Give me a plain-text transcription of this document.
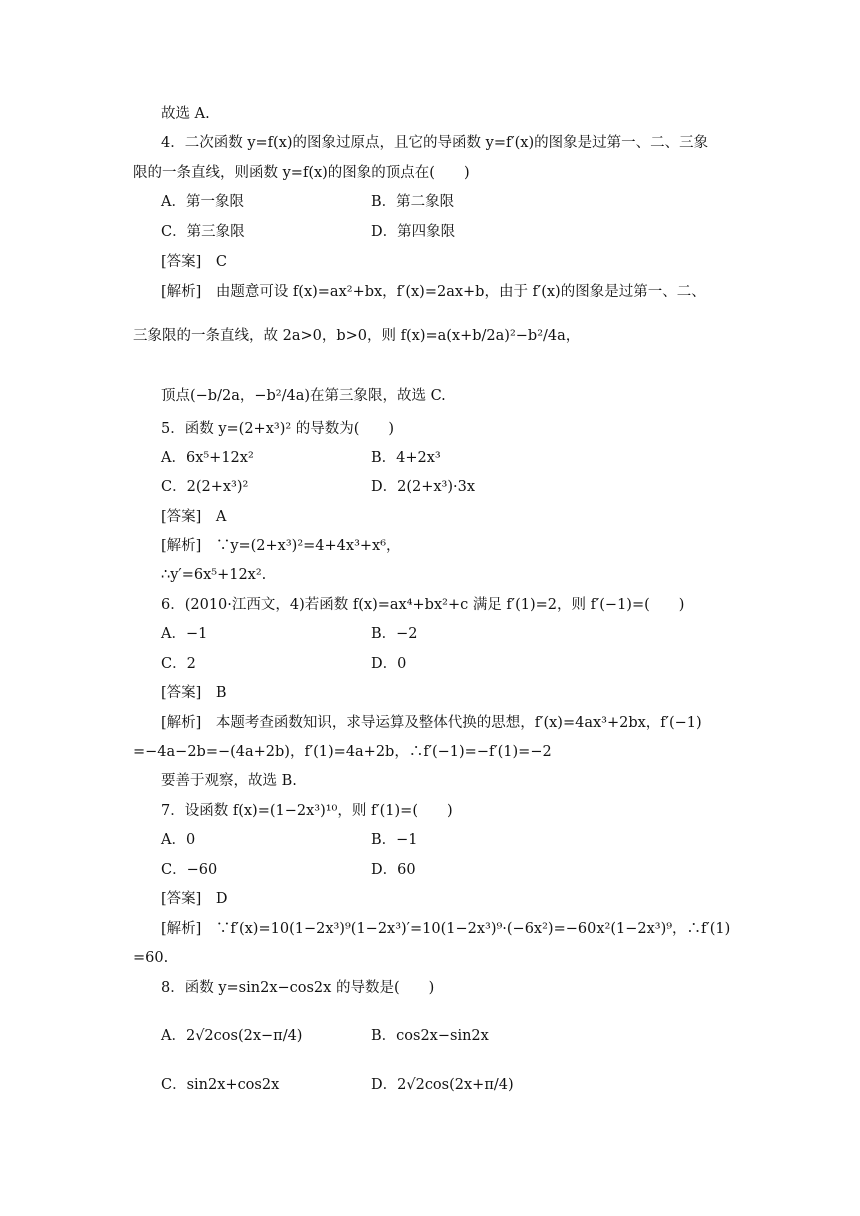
故选 A.
4．二次函数 y=f(x)的图象过原点，且它的导函数 y=f′(x)的图象是过第一、二、三象
限的一条直线，则函数 y=f(x)的图象的顶点在(　　)
A．第一象限	B．第二象限
C．第三象限	D．第四象限
[答案]　C
[解析]　由题意可设 f(x)=ax²+bx，f′(x)=2ax+b，由于 f′(x)的图象是过第一、二、
三象限的一条直线，故 2a>0，b>0，则 f(x)=a(x+b/2a)²−b²/4a，
顶点(−b/2a，−b²/4a)在第三象限，故选 C.
5．函数 y=(2+x³)² 的导数为(　　)
A．6x⁵+12x²	B．4+2x³
C．2(2+x³)²	D．2(2+x³)·3x
[答案]　A
[解析]　∵y=(2+x³)²=4+4x³+x⁶，
∴y′=6x⁵+12x².
6．(2010·江西文，4)若函数 f(x)=ax⁴+bx²+c 满足 f′(1)=2，则 f′(−1)=(　　)
A．−1	B．−2
C．2	D．0
[答案]　B
[解析]　本题考查函数知识，求导运算及整体代换的思想，f′(x)=4ax³+2bx，f′(−1)
=−4a−2b=−(4a+2b)，f′(1)=4a+2b，∴f′(−1)=−f′(1)=−2
要善于观察，故选 B.
7．设函数 f(x)=(1−2x³)¹⁰，则 f′(1)=(　　)
A．0	B．−1
C．−60	D．60
[答案]　D
[解析]　∵f′(x)=10(1−2x³)⁹(1−2x³)′=10(1−2x³)⁹·(−6x²)=−60x²(1−2x³)⁹，∴f′(1)
=60.
8．函数 y=sin2x−cos2x 的导数是(　　)
A．2√2cos(2x−π/4)	B．cos2x−sin2x
C．sin2x+cos2x	D．2√2cos(2x+π/4)
